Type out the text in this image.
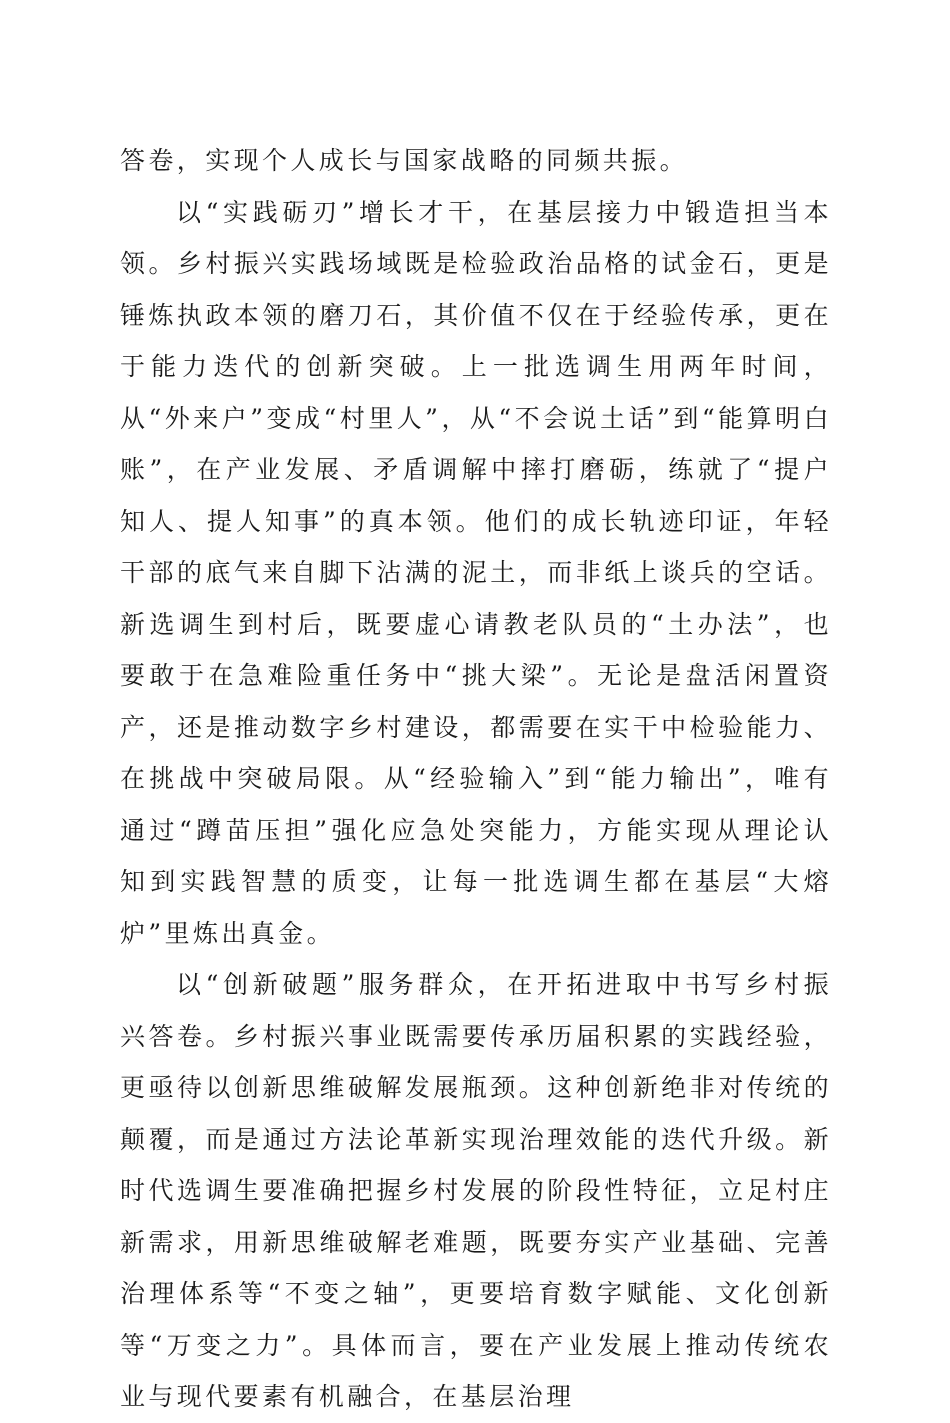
答卷，实现个人成长与国家战略的同频共振。

以“实践砺刃”增长才干，在基层接力中锻造担当本领。乡村振兴实践场域既是检验政治品格的试金石，更是锤炼执政本领的磨刀石，其价值不仅在于经验传承，更在于能力迭代的创新突破。上一批选调生用两年时间，从“外来户”变成“村里人”，从“不会说土话”到“能算明白账”，在产业发展、矛盾调解中摔打磨砺，练就了“提户知人、提人知事”的真本领。他们的成长轨迹印证，年轻干部的底气来自脚下沾满的泥土，而非纸上谈兵的空话。新选调生到村后，既要虚心请教老队员的“土办法”，也要敢于在急难险重任务中“挑大梁”。无论是盘活闲置资产，还是推动数字乡村建设，都需要在实干中检验能力、在挑战中突破局限。从“经验输入”到“能力输出”，唯有通过“蹲苗压担”强化应急处突能力，方能实现从理论认知到实践智慧的质变，让每一批选调生都在基层“大熔炉”里炼出真金。

以“创新破题”服务群众，在开拓进取中书写乡村振兴答卷。乡村振兴事业既需要传承历届积累的实践经验，更亟待以创新思维破解发展瓶颈。这种创新绝非对传统的颠覆，而是通过方法论革新实现治理效能的迭代升级。新时代选调生要准确把握乡村发展的阶段性特征，立足村庄新需求，用新思维破解老难题，既要夯实产业基础、完善治理体系等“不变之轴”，更要培育数字赋能、文化创新等“万变之力”。具体而言，要在产业发展上推动传统农业与现代要素有机融合，在基层治理
